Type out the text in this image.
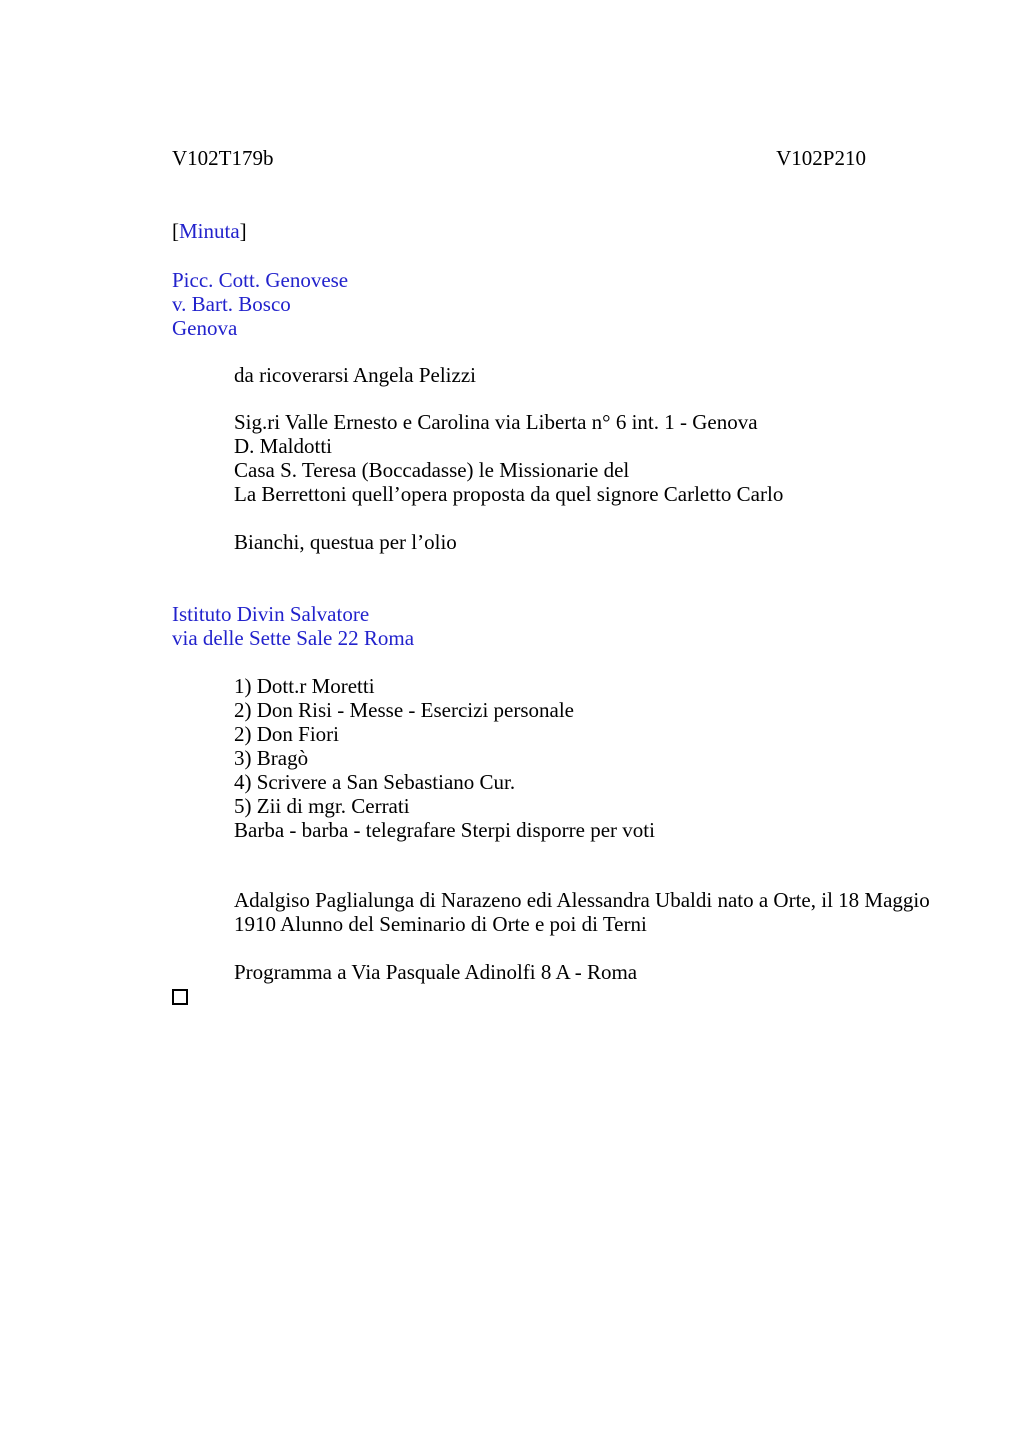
V102T179b	V102P210

[Minuta]

Picc. Cott. Genovese
v. Bart. Bosco
Genova

da ricoverarsi Angela Pelizzi

Sig.ri Valle Ernesto e Carolina via Liberta n° 6 int. 1 - Genova
D. Maldotti
Casa S. Teresa (Boccadasse) le Missionarie del
La Berrettoni quell’opera proposta da quel signore Carletto Carlo

Bianchi, questua per l’olio

Istituto Divin Salvatore
via delle Sette Sale 22 Roma
1) Dott.r Moretti
2) Don Risi - Messe - Esercizi personale
2) Don Fiori
3) Bragò
4) Scrivere a San Sebastiano Cur.
5) Zii di mgr. Cerrati
Barba - barba - telegrafare Sterpi disporre per voti
Adalgiso Paglialunga di Narazeno edi Alessandra Ubaldi nato a Orte, il 18 Maggio
1910 Alunno del Seminario di Orte e poi di Terni

Programma a Via Pasquale Adinolfi 8 A - Roma
